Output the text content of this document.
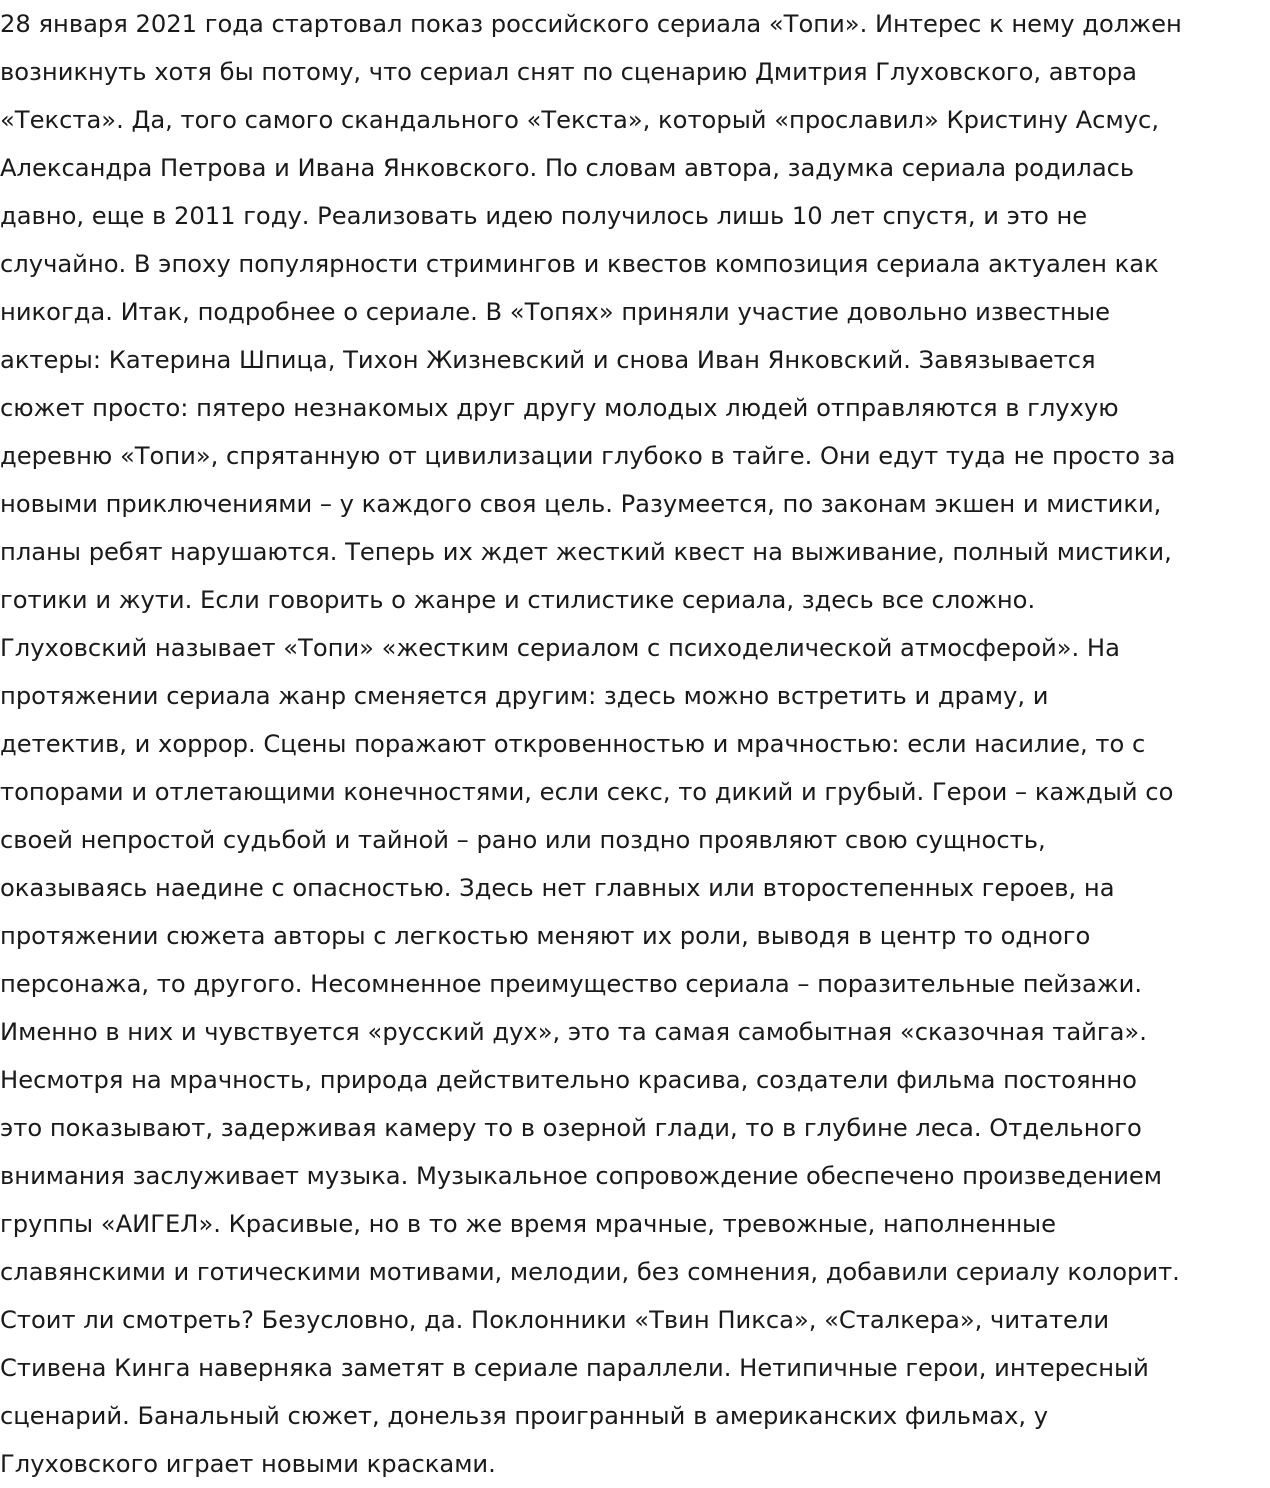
28 января 2021 года стартовал показ российского сериала «Топи». Интерес к нему должен
возникнуть хотя бы потому, что сериал снят по сценарию Дмитрия Глуховского, автора
«Текста». Да, того самого скандального «Текста», который «прославил» Кристину Асмус,
Александра Петрова и Ивана Янковского. По словам автора, задумка сериала родилась
давно, еще в 2011 году. Реализовать идею получилось лишь 10 лет спустя, и это не
случайно. В эпоху популярности стримингов и квестов композиция сериала актуален как
никогда. Итак, подробнее о сериале. В «Топях» приняли участие довольно известные
актеры: Катерина Шпица, Тихон Жизневский и снова Иван Янковский. Завязывается
сюжет просто: пятеро незнакомых друг другу молодых людей отправляются в глухую
деревню «Топи», спрятанную от цивилизации глубоко в тайге. Они едут туда не просто за
новыми приключениями – у каждого своя цель. Разумеется, по законам экшен и мистики,
планы ребят нарушаются. Теперь их ждет жесткий квест на выживание, полный мистики,
готики и жути. Если говорить о жанре и стилистике сериала, здесь все сложно.
Глуховский называет «Топи» «жестким сериалом с психоделической атмосферой». На
протяжении сериала жанр сменяется другим: здесь можно встретить и драму, и
детектив, и хоррор. Сцены поражают откровенностью и мрачностью: если насилие, то с
топорами и отлетающими конечностями, если секс, то дикий и грубый. Герои – каждый со
своей непростой судьбой и тайной – рано или поздно проявляют свою сущность,
оказываясь наедине с опасностью. Здесь нет главных или второстепенных героев, на
протяжении сюжета авторы с легкостью меняют их роли, выводя в центр то одного
персонажа, то другого. Несомненное преимущество сериала – поразительные пейзажи.
Именно в них и чувствуется «русский дух», это та самая самобытная «сказочная тайга».
Несмотря на мрачность, природа действительно красива, создатели фильма постоянно
это показывают, задерживая камеру то в озерной глади, то в глубине леса. Отдельного
внимания заслуживает музыка. Музыкальное сопровождение обеспечено произведением
группы «АИГЕЛ». Красивые, но в то же время мрачные, тревожные, наполненные
славянскими и готическими мотивами, мелодии, без сомнения, добавили сериалу колорит.
Стоит ли смотреть? Безусловно, да. Поклонники «Твин Пикса», «Сталкера», читатели
Стивена Кинга наверняка заметят в сериале параллели. Нетипичные герои, интересный
сценарий. Банальный сюжет, донельзя проигранный в американских фильмах, у
Глуховского играет новыми красками.
